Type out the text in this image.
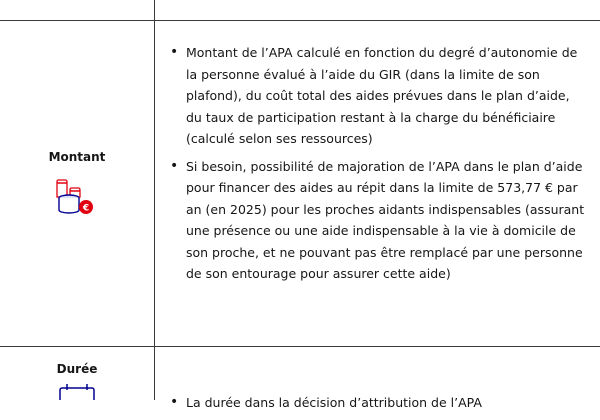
Montant
€
• Montant de l’APA calculé en fonction du degré d’autonomie de la personne évalué à l’aide du GIR (dans la limite de son plafond), du coût total des aides prévues dans le plan d’aide, du taux de participation restant à la charge du bénéficiaire (calculé selon ses ressources)
• Si besoin, possibilité de majoration de l’APA dans le plan d’aide pour financer des aides au répit dans la limite de 573,77 € par an (en 2025) pour les proches aidants indispensables (assurant une présence ou une aide indispensable à la vie à domicile de son proche, et ne pouvant pas être remplacé par une personne de son entourage pour assurer cette aide)
Durée
• La durée dans la décision d’attribution de l’APA
